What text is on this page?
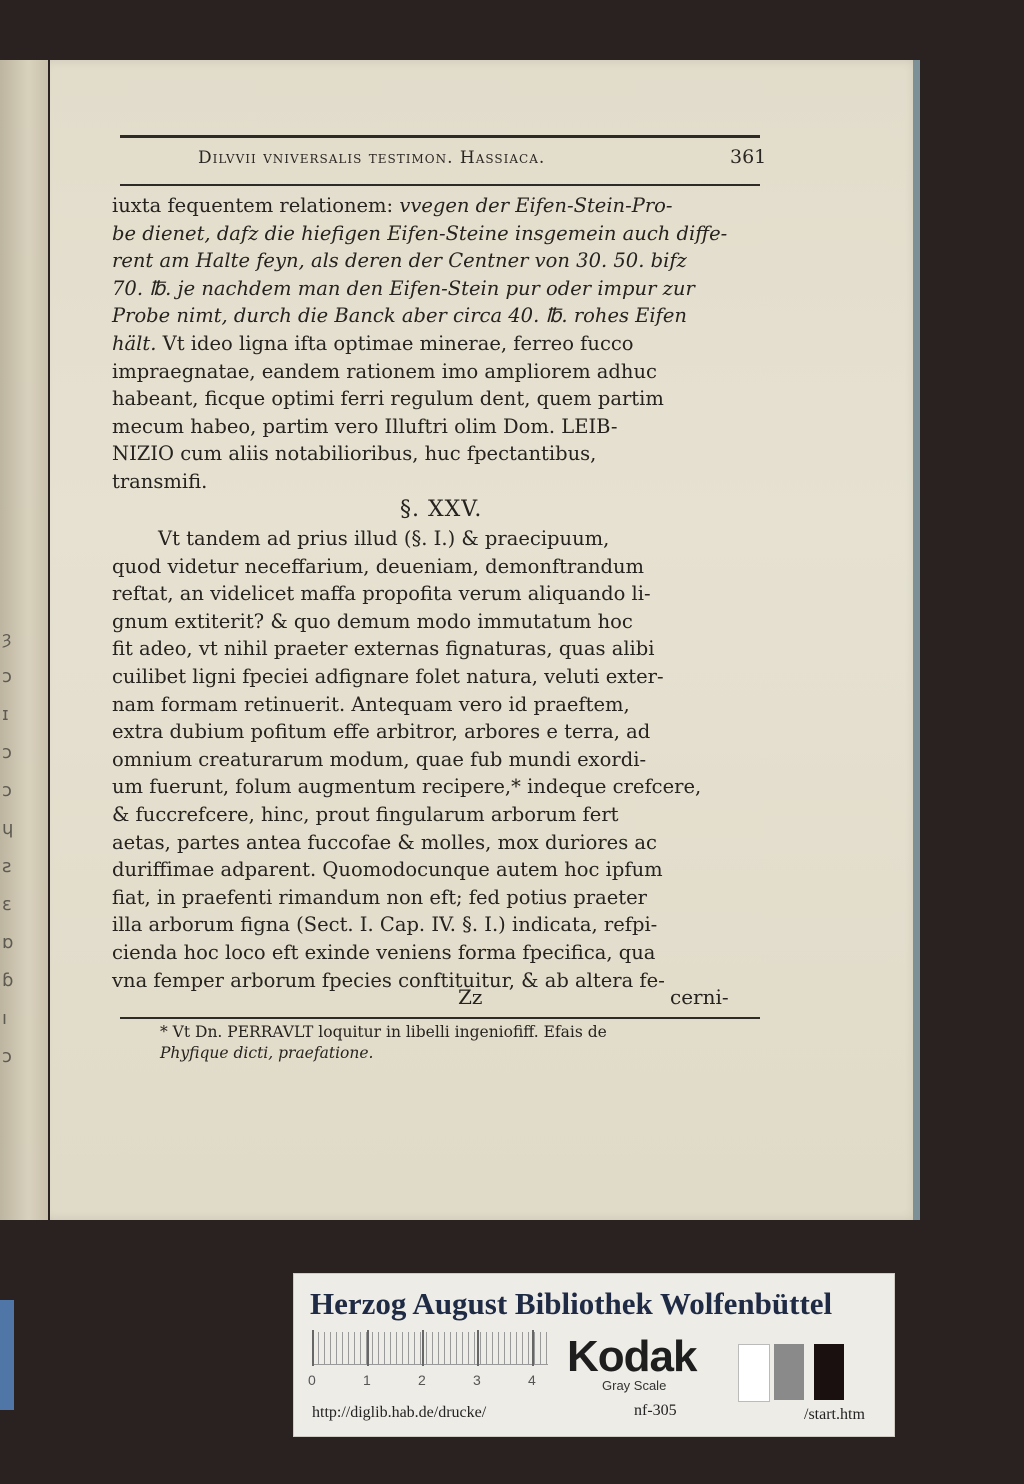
ȝ
ɔ
ɪ
ɔ
ɔ
ɥ
ƨ
ɛ
ɒ
ɓ
ı
ɔ
Dilvvii vniversalis testimon. Hassiaca.	361
iuxta fequentem relationem: vvegen der Eifen-Stein-Pro-
be dienet, dafz die hiefigen Eifen-Steine insgemein auch diffe-
rent am Halte feyn, als deren der Centner von 30. 50. bifz
70. ℔. je nachdem man den Eifen-Stein pur oder impur zur
Probe nimt, durch die Banck aber circa 40. ℔. rohes Eifen
hält. Vt ideo ligna ifta optimae minerae, ferreo fucco
impraegnatae, eandem rationem imo ampliorem adhuc
habeant, ficque optimi ferri regulum dent, quem partim
mecum habeo, partim vero Illuftri olim Dom. LEIB-
NIZIO cum aliis notabilioribus, huc fpectantibus,
transmifi.
§. XXV.
Vt tandem ad prius illud (§. I.) & praecipuum,
quod videtur neceffarium, deueniam, demonftrandum
reftat, an videlicet maffa propofita verum aliquando li-
gnum extiterit? & quo demum modo immutatum hoc
fit adeo, vt nihil praeter externas fignaturas, quas alibi
cuilibet ligni fpeciei adfignare folet natura, veluti exter-
nam formam retinuerit. Antequam vero id praeftem,
extra dubium pofitum effe arbitror, arbores e terra, ad
omnium creaturarum modum, quae fub mundi exordi-
um fuerunt, folum augmentum recipere,* indeque crefcere,
& fuccrefcere, hinc, prout fingularum arborum fert
aetas, partes antea fuccofae & molles, mox duriores ac
duriffimae adparent. Quomodocunque autem hoc ipfum
fiat, in praefenti rimandum non eft; fed potius praeter
illa arborum figna (Sect. I. Cap. IV. §. I.) indicata, refpi-
cienda hoc loco eft exinde veniens forma fpecifica, qua
vna femper arborum fpecies conftituitur, & ab altera fe-
Zz	cerni-
* Vt Dn. PERRAVLT loquitur in libelli ingeniofiff. Efais de
Phyfique dicti, praefatione.
Herzog August Bibliothek Wolfenbüttel
0	1	2	3	4 Kodak
Gray Scale
http://diglib.hab.de/drucke/	nf-305	/start.htm
